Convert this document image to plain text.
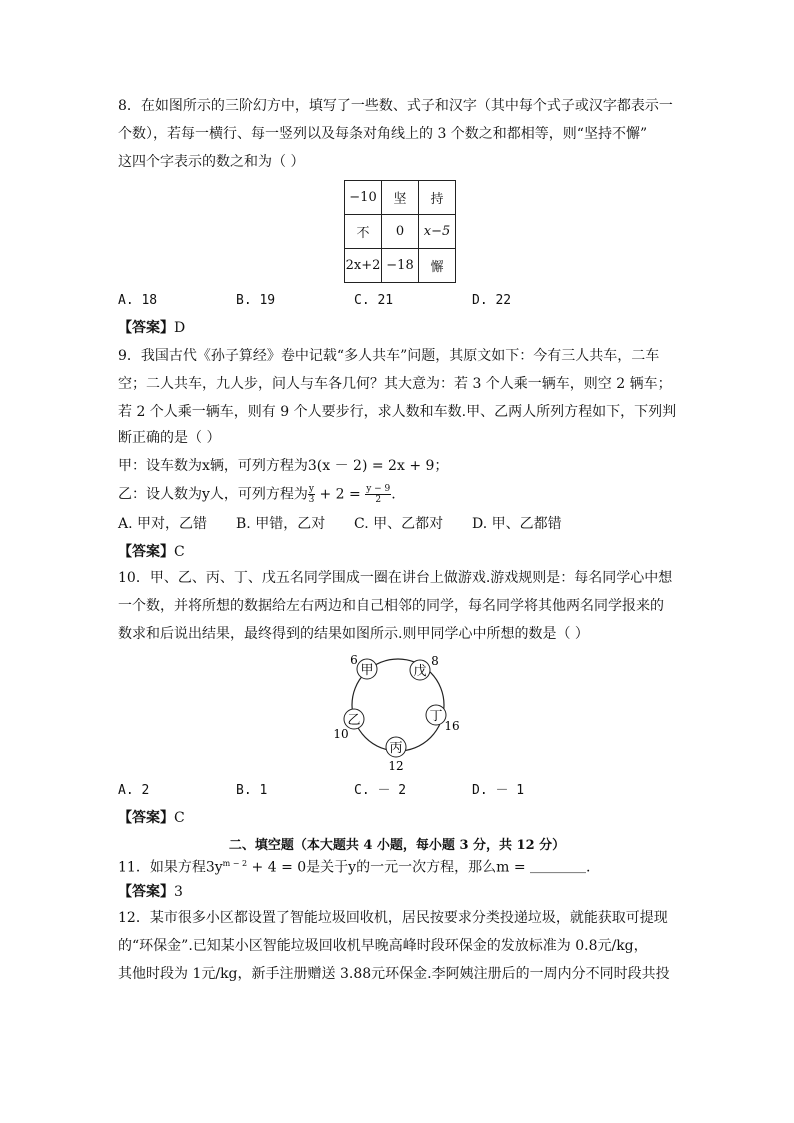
8．在如图所示的三阶幻方中，填写了一些数、式子和汉字（其中每个式子或汉字都表示一
个数），若每一横行、每一竖列以及每条对角线上的 3 个数之和都相等，则“坚持不懈”
这四个字表示的数之和为（ ）
−10	坚	持
不	0	x−5
2x+2	−18	懈
A. 18	B. 19	C. 21	D. 22
【答案】D
9．我国古代《孙子算经》卷中记载“多人共车”问题，其原文如下：今有三人共车，二车
空；二人共车，九人步，问人与车各几何？其大意为：若 3 个人乘一辆车，则空 2 辆车；
若 2 个人乘一辆车，则有 9 个人要步行，求人数和车数.甲、乙两人所列方程如下，下列判
断正确的是（ ）
甲：设车数为x辆，可列方程为3(x － 2) = 2x + 9；
乙：设人数为y人，可列方程为 $\frac{y}{3} + 2 = \frac{y - 9}{2}$ .
A. 甲对，乙错 B. 甲错，乙对 C. 甲、乙都对 D. 甲、乙都错
【答案】C
10．甲、乙、丙、丁、戊五名同学围成一圈在讲台上做游戏.游戏规则是：每名同学心中想
一个数，并将所想的数据给左右两边和自己相邻的同学，每名同学将其他两名同学报来的
数求和后说出结果，最终得到的结果如图所示.则甲同学心中所想的数是（ ）
甲
6
戊
8
丁
16
丙
12
乙
10
A. 2	B. 1	C. － 2	D. － 1
【答案】C
二、填空题（本大题共 4 小题，每小题 3 分，共 12 分）
11．如果方程$3y^{m - 2} + 4 = 0$是关于y的一元一次方程，那么m = ＿＿＿＿.
【答案】3
12．某市很多小区都设置了智能垃圾回收机，居民按要求分类投递垃圾，就能获取可提现
的“环保金”.已知某小区智能垃圾回收机早晚高峰时段环保金的发放标准为 0.8元/kg，
其他时段为 1元/kg，新手注册赠送 3.88元环保金.李阿姨注册后的一周内分不同时段共投
